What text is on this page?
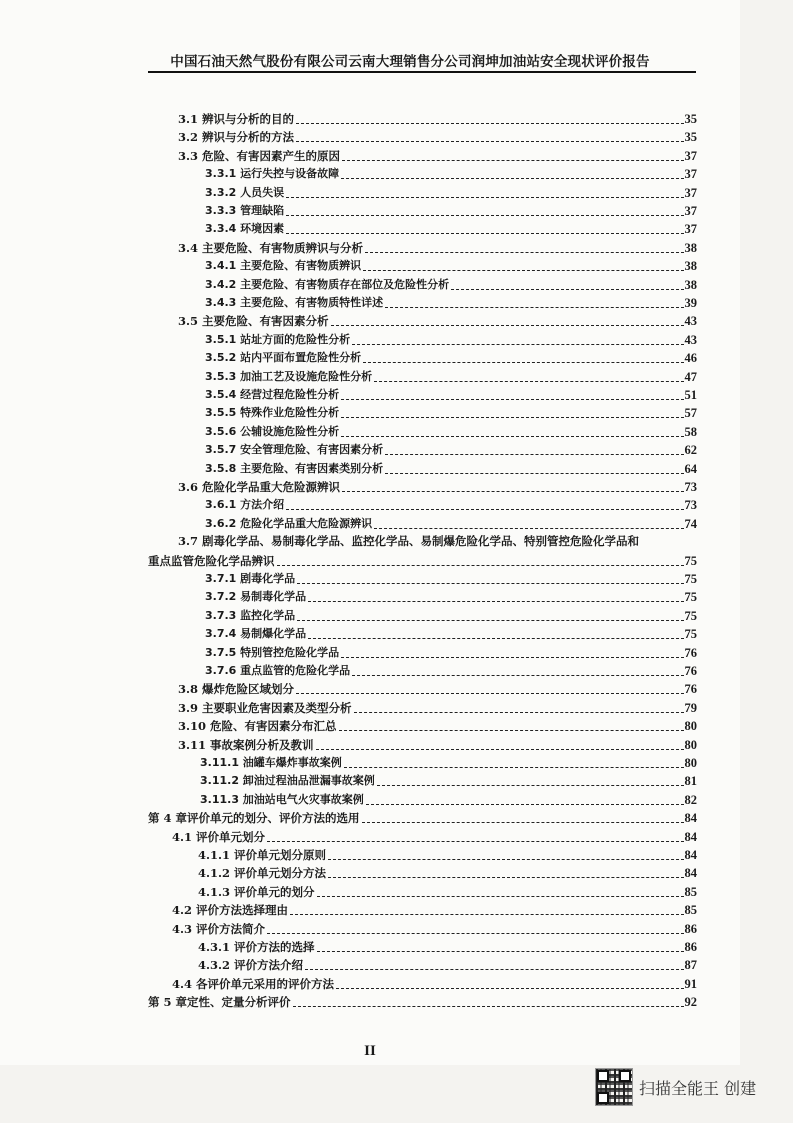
中国石油天然气股份有限公司云南大理销售分公司润坤加油站安全现状评价报告
3.1 辨识与分析的目的	35
3.2 辨识与分析的方法	35
3.3 危险、有害因素产生的原因	37
3.3.1 运行失控与设备故障	37
3.3.2 人员失误	37
3.3.3 管理缺陷	37
3.3.4 环境因素	37
3.4 主要危险、有害物质辨识与分析	38
3.4.1 主要危险、有害物质辨识	38
3.4.2 主要危险、有害物质存在部位及危险性分析	38
3.4.3 主要危险、有害物质特性详述	39
3.5 主要危险、有害因素分析	43
3.5.1 站址方面的危险性分析	43
3.5.2 站内平面布置危险性分析	46
3.5.3 加油工艺及设施危险性分析	47
3.5.4 经营过程危险性分析	51
3.5.5 特殊作业危险性分析	57
3.5.6 公辅设施危险性分析	58
3.5.7 安全管理危险、有害因素分析	62
3.5.8 主要危险、有害因素类别分析	64
3.6 危险化学品重大危险源辨识	73
3.6.1 方法介绍	73
3.6.2 危险化学品重大危险源辨识	74
3.7 剧毒化学品、易制毒化学品、监控化学品、易制爆危险化学品、特别管控危险化学品和
重点监管危险化学品辨识	75
3.7.1 剧毒化学品	75
3.7.2 易制毒化学品	75
3.7.3 监控化学品	75
3.7.4 易制爆化学品	75
3.7.5 特别管控危险化学品	76
3.7.6 重点监管的危险化学品	76
3.8 爆炸危险区域划分	76
3.9 主要职业危害因素及类型分析	79
3.10 危险、有害因素分布汇总	80
3.11 事故案例分析及教训	80
3.11.1 油罐车爆炸事故案例	80
3.11.2 卸油过程油品泄漏事故案例	81
3.11.3 加油站电气火灾事故案例	82
第 4 章评价单元的划分、评价方法的选用	84
4.1 评价单元划分	84
4.1.1 评价单元划分原则	84
4.1.2 评价单元划分方法	84
4.1.3 评价单元的划分	85
4.2 评价方法选择理由	85
4.3 评价方法简介	86
4.3.1 评价方法的选择	86
4.3.2 评价方法介绍	87
4.4 各评价单元采用的评价方法	91
第 5 章定性、定量分析评价	92
II
扫描全能王 创建
